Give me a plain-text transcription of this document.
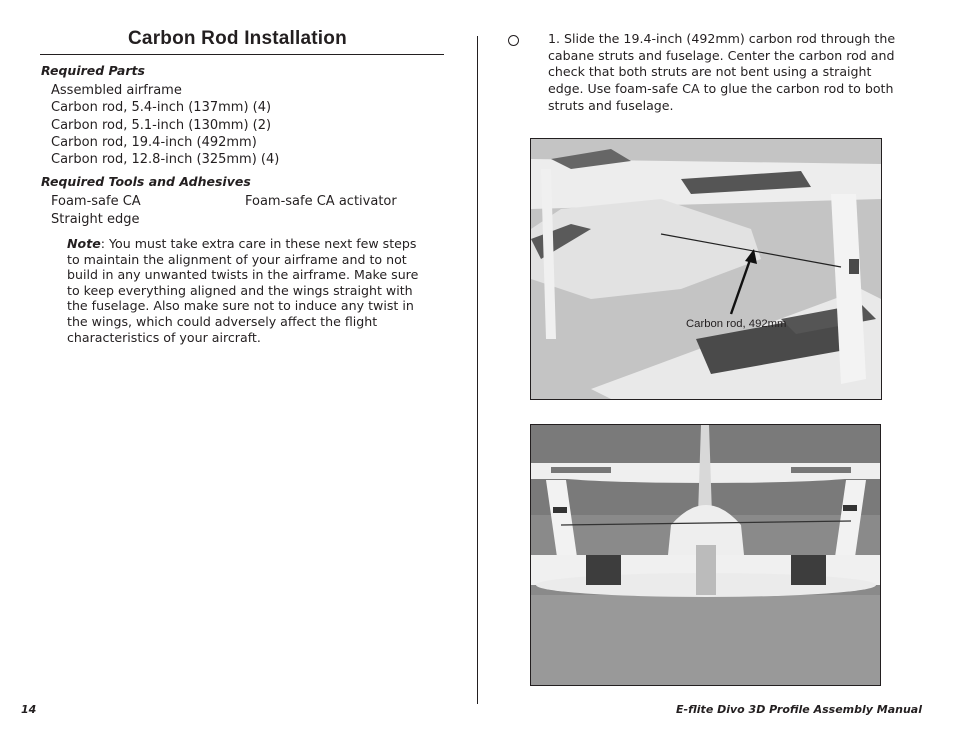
Carbon Rod Installation
Required Parts
Assembled airframe
Carbon rod, 5.4-inch (137mm) (4)
Carbon rod, 5.1-inch (130mm) (2)
Carbon rod, 19.4-inch (492mm)
Carbon rod, 12.8-inch (325mm) (4)
Required Tools and Adhesives
Foam-safe CA	Foam-safe CA activator
Straight edge
Note: You must take extra care in these next few steps to maintain the alignment of your airframe and to not build in any unwanted twists in the airframe. Make sure to keep everything aligned and the wings straight with the fuselage. Also make sure not to induce any twist in the wings, which could adversely affect the flight characteristics of your aircraft.
1. Slide the 19.4-inch (492mm) carbon rod through the cabane struts and fuselage. Center the carbon rod and check that both struts are not bent using a straight edge. Use foam-safe CA to glue the carbon rod to both struts and fuselage.
Carbon rod, 492mm
14	E-flite Divo 3D Profile Assembly Manual
